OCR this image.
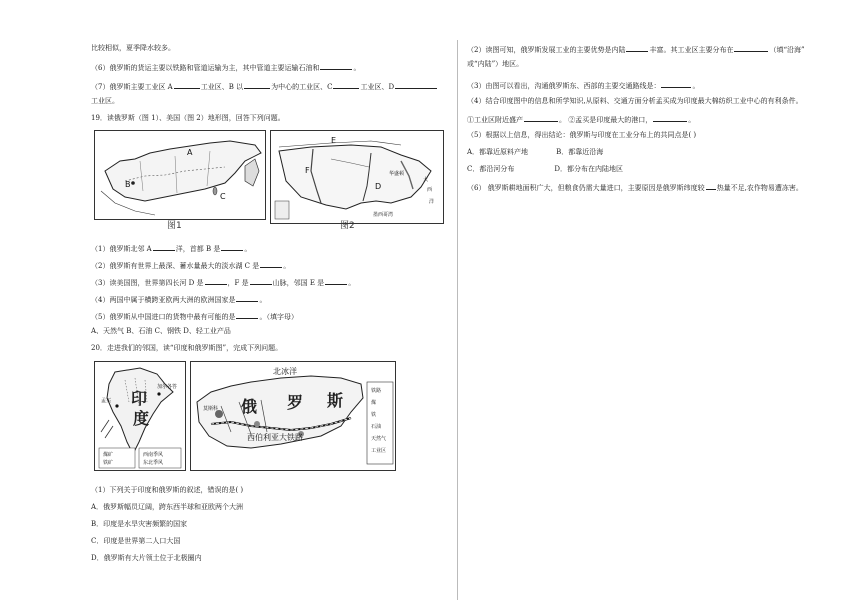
比较相似，夏季降水较多。
（6）俄罗斯的货运主要以铁路和管道运输为主，其中管道主要运输石油和	。
（7）俄罗斯主要工业区 A	工业区、B 以	为中心的工业区、C	工业区、D
工业区。
19．读俄罗斯（图 1）、美国（图 2）地形图，回答下列问题。
A
B
C
图1
E
F
D
墨西哥湾
大
西
洋
华盛顿
图2
（1）俄罗斯北邻 A	洋，首都 B 是	。
（2）俄罗斯有世界上最深、蓄水量最大的淡水湖 C 是	。
（3）读美国图，世界第四长河 D 是	，F 是	山脉，邻国 E 是	。
（4）两国中属于横跨亚欧两大洲的欧洲国家是	。
（5）俄罗斯从中国进口的货物中最有可能的是	。（填字母）
A、天然气 B、石油 C、钢铁 D、轻工业产品
20．走进我们的邻国，读“印度和俄罗斯图”，完成下列问题。
印
度
孟买
加尔各答
煤矿
铁矿
西南季风
东北季风
北冰洋
俄 罗 斯
莫斯科
西伯利亚大铁路
铁路
煤
铁
石油
天然气
工业区
（1）下列关于印度和俄罗斯的叙述，错误的是( )
A．俄罗斯幅员辽阔，跨东西半球和亚欧两个大洲
B．印度是水旱灾害频繁的国家
C．印度是世界第二人口大国
D．俄罗斯有大片领土位于北极圈内
（2）读图可知，俄罗斯发展工业的主要优势是内陆	丰富。其工业区主要分布在	（填“沿海”
或“内陆”）地区。
（3）由图可以看出，沟通俄罗斯东、西部的主要交通路线是：	。
（4）结合印度图中的信息和所学知识,从原料、交通方面分析孟买成为印度最大棉纺织工业中心的有利条件。
①工业区附近盛产	。 ②孟买是印度最大的港口，	。
（5）根据以上信息，得出结论：俄罗斯与印度在工业分布上的共同点是( )
A．都靠近原料产地	B．都靠近沿海
C．都沿河分布	D．都分布在内陆地区
（6） 俄罗斯耕地面积广大，但粮食仍需大量进口，主要原因是俄罗斯纬度较 热量不足,农作物易遭冻害。
